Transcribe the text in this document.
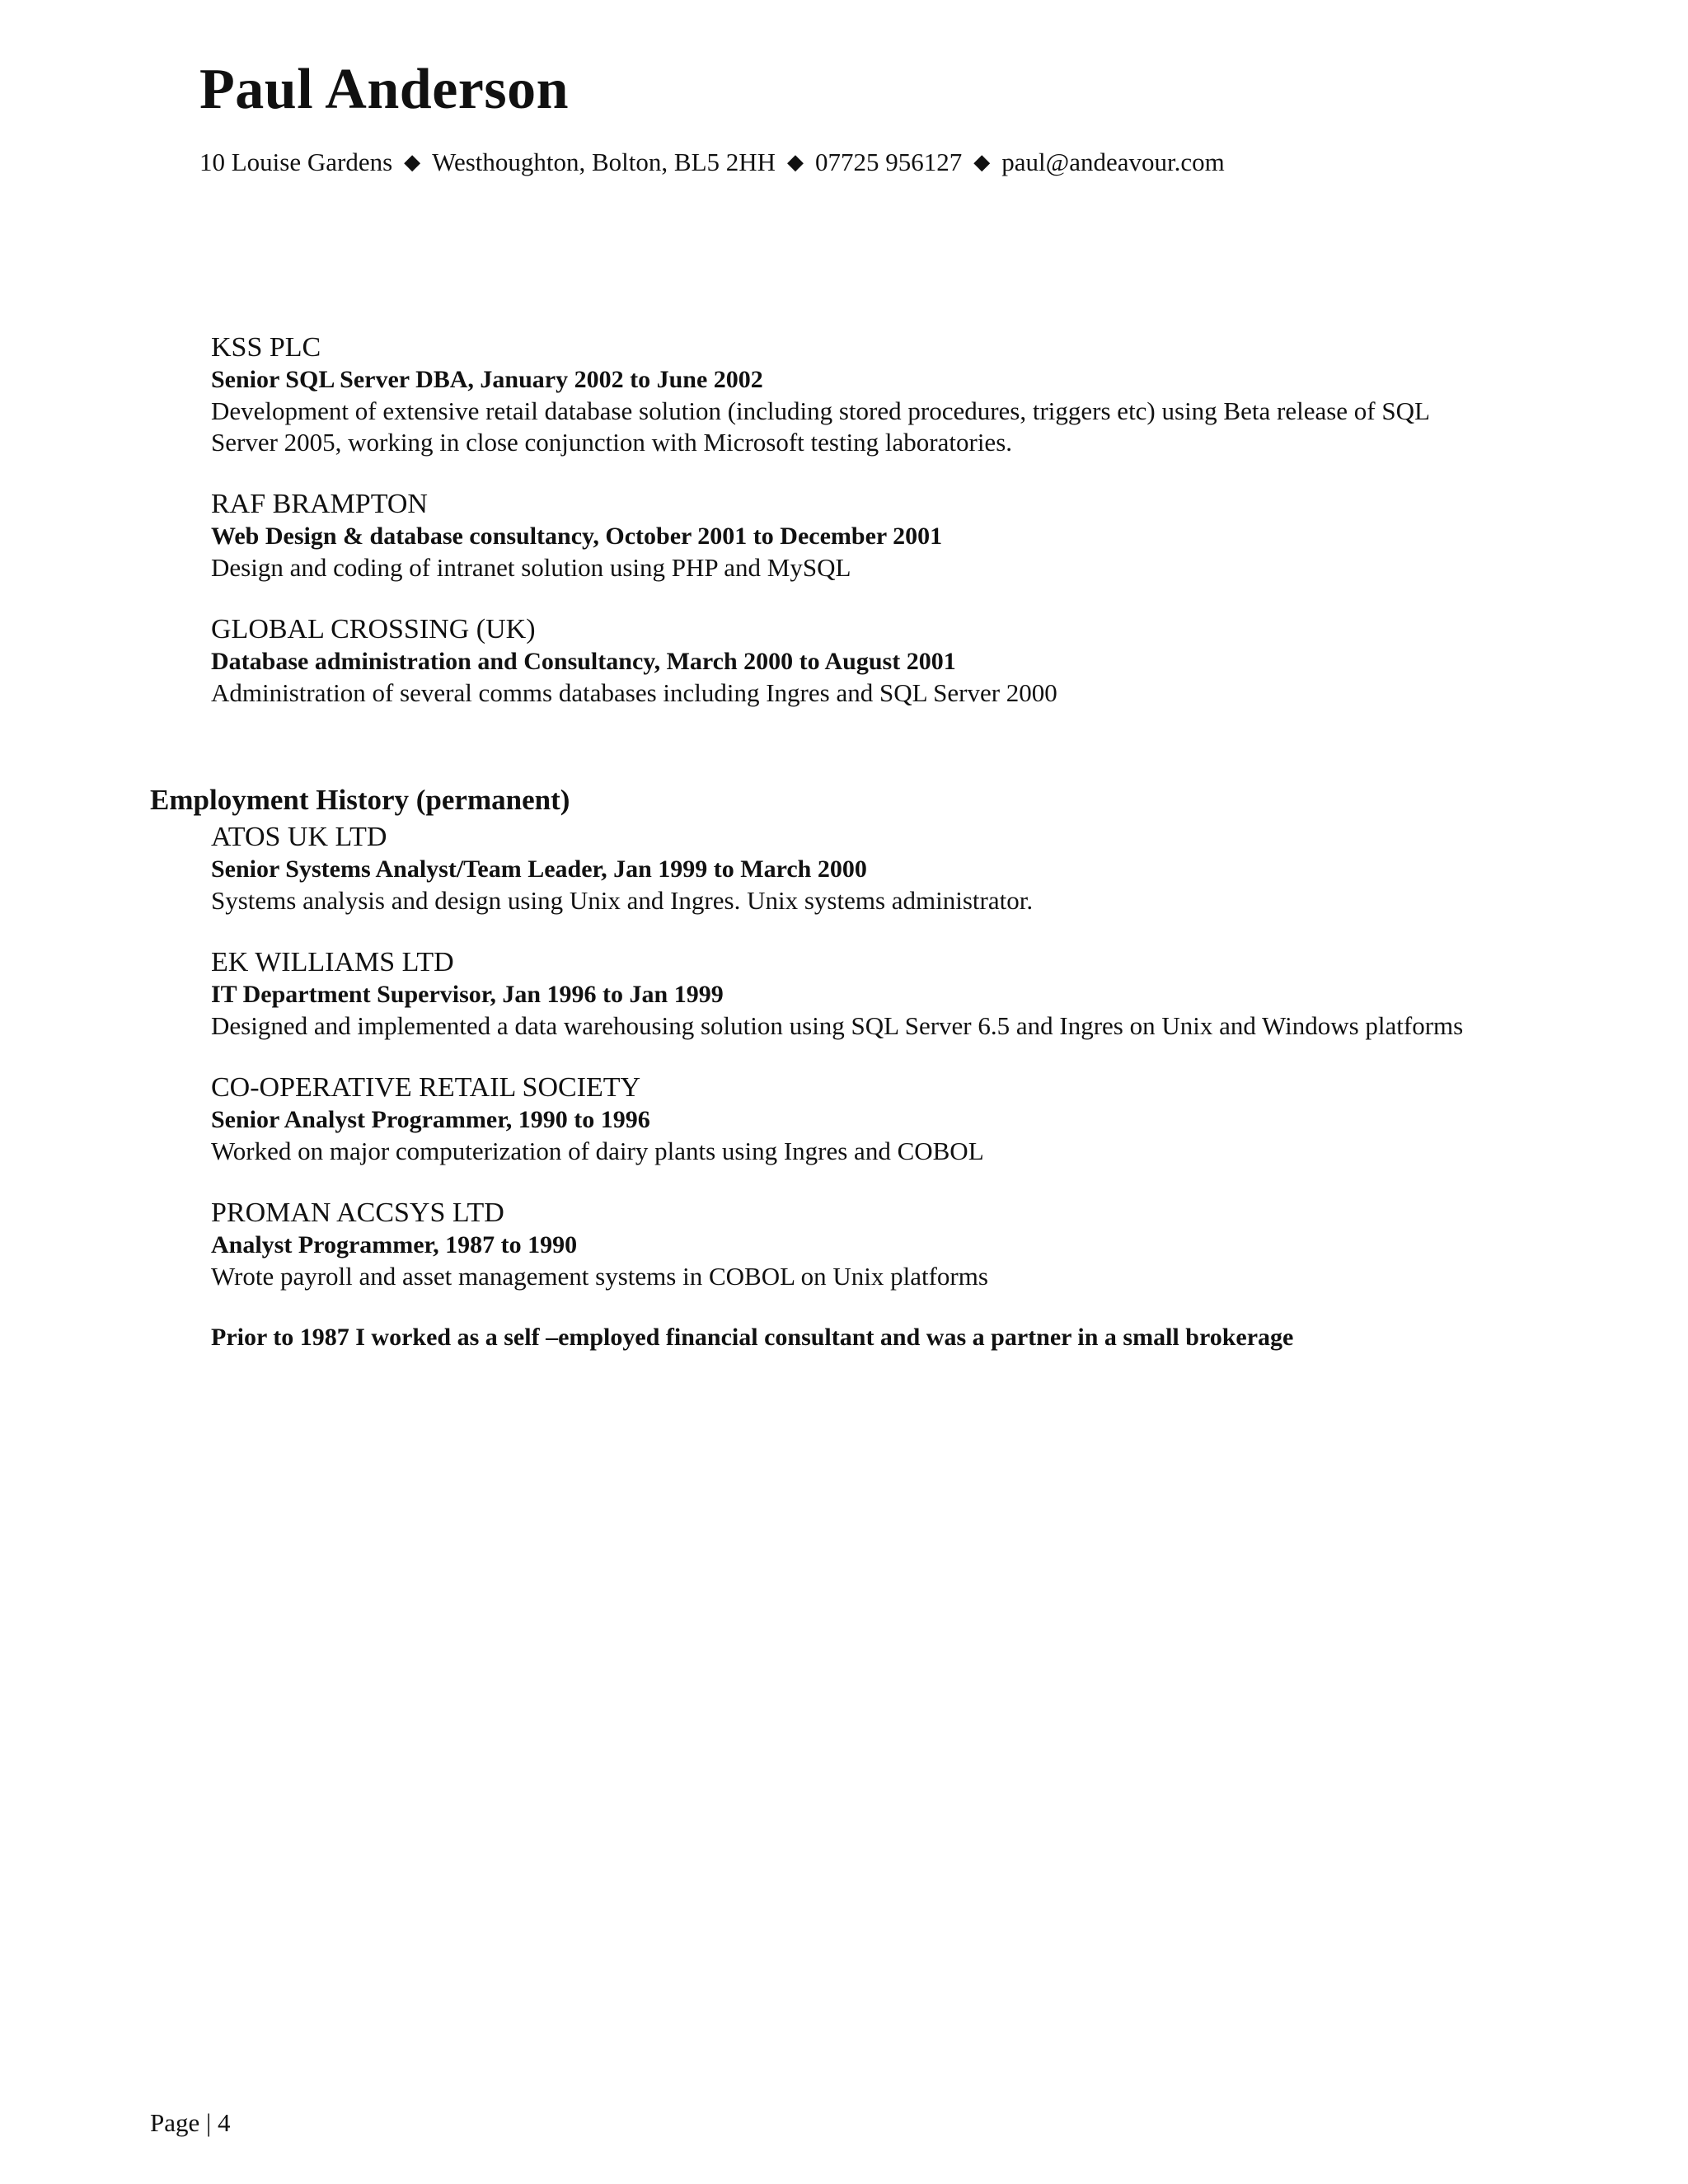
Paul Anderson
10 Louise Gardens ◆ Westhoughton, Bolton, BL5 2HH ◆ 07725 956127 ◆ paul@andeavour.com
KSS PLC
Senior SQL Server DBA, January 2002 to June 2002
Development of extensive retail database solution (including stored procedures, triggers etc) using Beta release of SQL Server 2005, working in close conjunction with Microsoft testing laboratories.
RAF BRAMPTON
Web Design & database consultancy, October 2001 to December 2001
Design and coding of intranet solution using PHP and MySQL
GLOBAL CROSSING (UK)
Database administration and Consultancy, March 2000 to August 2001
Administration of several comms databases including Ingres and SQL Server 2000
Employment History (permanent)
ATOS UK LTD
Senior Systems Analyst/Team Leader, Jan 1999 to March 2000
Systems analysis and design using Unix and Ingres. Unix systems administrator.
EK WILLIAMS LTD
IT Department Supervisor, Jan 1996 to Jan 1999
Designed and implemented a data warehousing solution using SQL Server 6.5 and Ingres on Unix and Windows platforms
CO-OPERATIVE RETAIL SOCIETY
Senior Analyst Programmer, 1990 to 1996
Worked on major computerization of dairy plants using Ingres and COBOL
PROMAN ACCSYS LTD
Analyst Programmer, 1987 to 1990
Wrote payroll and asset management systems in COBOL on Unix platforms
Prior to 1987 I worked as a self –employed financial consultant and was a partner in a small brokerage
Page | 4
